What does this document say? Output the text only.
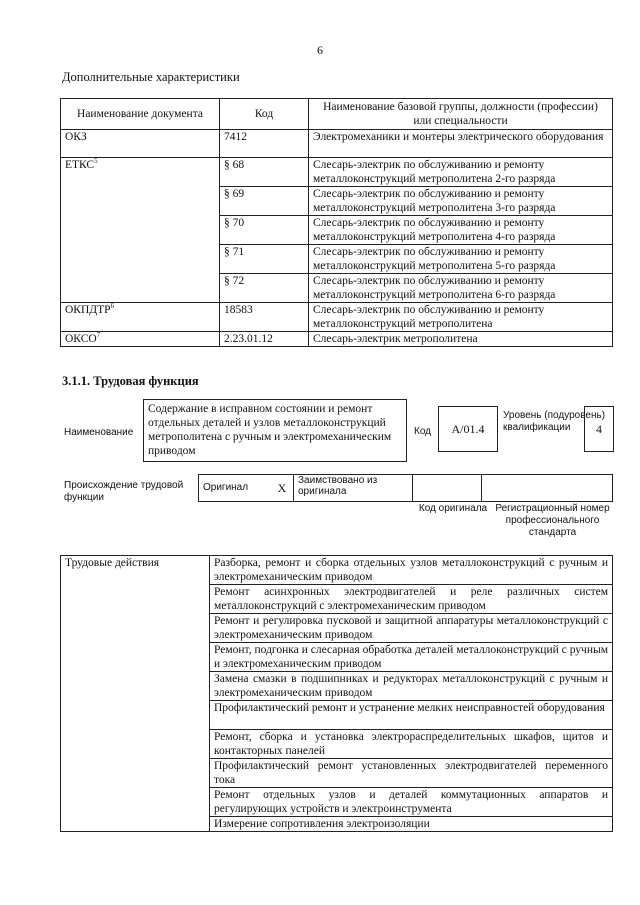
6
Дополнительные характеристики
Наименование документа	Код	Наименование базовой группы, должности (профессии) или специальности
ОКЗ	7412	Электромеханики и монтеры электрического оборудования
ЕТКС$^5$	§ 68	Слесарь-электрик по обслуживанию и ремонту металлоконструкций метрополитена 2-го разряда
	§ 69	Слесарь-электрик по обслуживанию и ремонту металлоконструкций метрополитена 3-го разряда
	§ 70	Слесарь-электрик по обслуживанию и ремонту металлоконструкций метрополитена 4-го разряда
	§ 71	Слесарь-электрик по обслуживанию и ремонту металлоконструкций метрополитена 5-го разряда
	§ 72	Слесарь-электрик по обслуживанию и ремонту металлоконструкций метрополитена 6-го разряда
ОКПДТР$^6$	18583	Слесарь-электрик по обслуживанию и ремонту металлоконструкций метрополитена
ОКСО$^7$	2.23.01.12	Слесарь-электрик метрополитена
3.1.1. Трудовая функция
Наименование
Содержание в исправном состоянии и ремонт отдельных деталей и узлов металлоконструкций метрополитена с ручным и электромеханическим приводом
Код	A/01.4
Уровень (подуровень) квалификации	4
Происхождение трудовой функции
Оригинал	X	Заимствовано из оригинала		
Код оригинала Регистрационный номер профессионального стандарта
Трудовые действия	Разборка, ремонт и сборка отдельных узлов металлоконструкций с ручным и электромеханическим приводом
Ремонт асинхронных электродвигателей и реле различных систем металлоконструкций с электромеханическим приводом
Ремонт и регулировка пусковой и защитной аппаратуры металлоконструкций с электромеханическим приводом
Ремонт, подгонка и слесарная обработка деталей металлоконструкций с ручным и электромеханическим приводом
Замена смазки в подшипниках и редукторах металлоконструкций с ручным и электромеханическим приводом
Профилактический ремонт и устранение мелких неисправностей оборудования
Ремонт, сборка и установка электрораспределительных шкафов, щитов и контакторных панелей
Профилактический ремонт установленных электродвигателей переменного тока
Ремонт отдельных узлов и деталей коммутационных аппаратов и регулирующих устройств и электроинструмента
Измерение сопротивления электроизоляции
